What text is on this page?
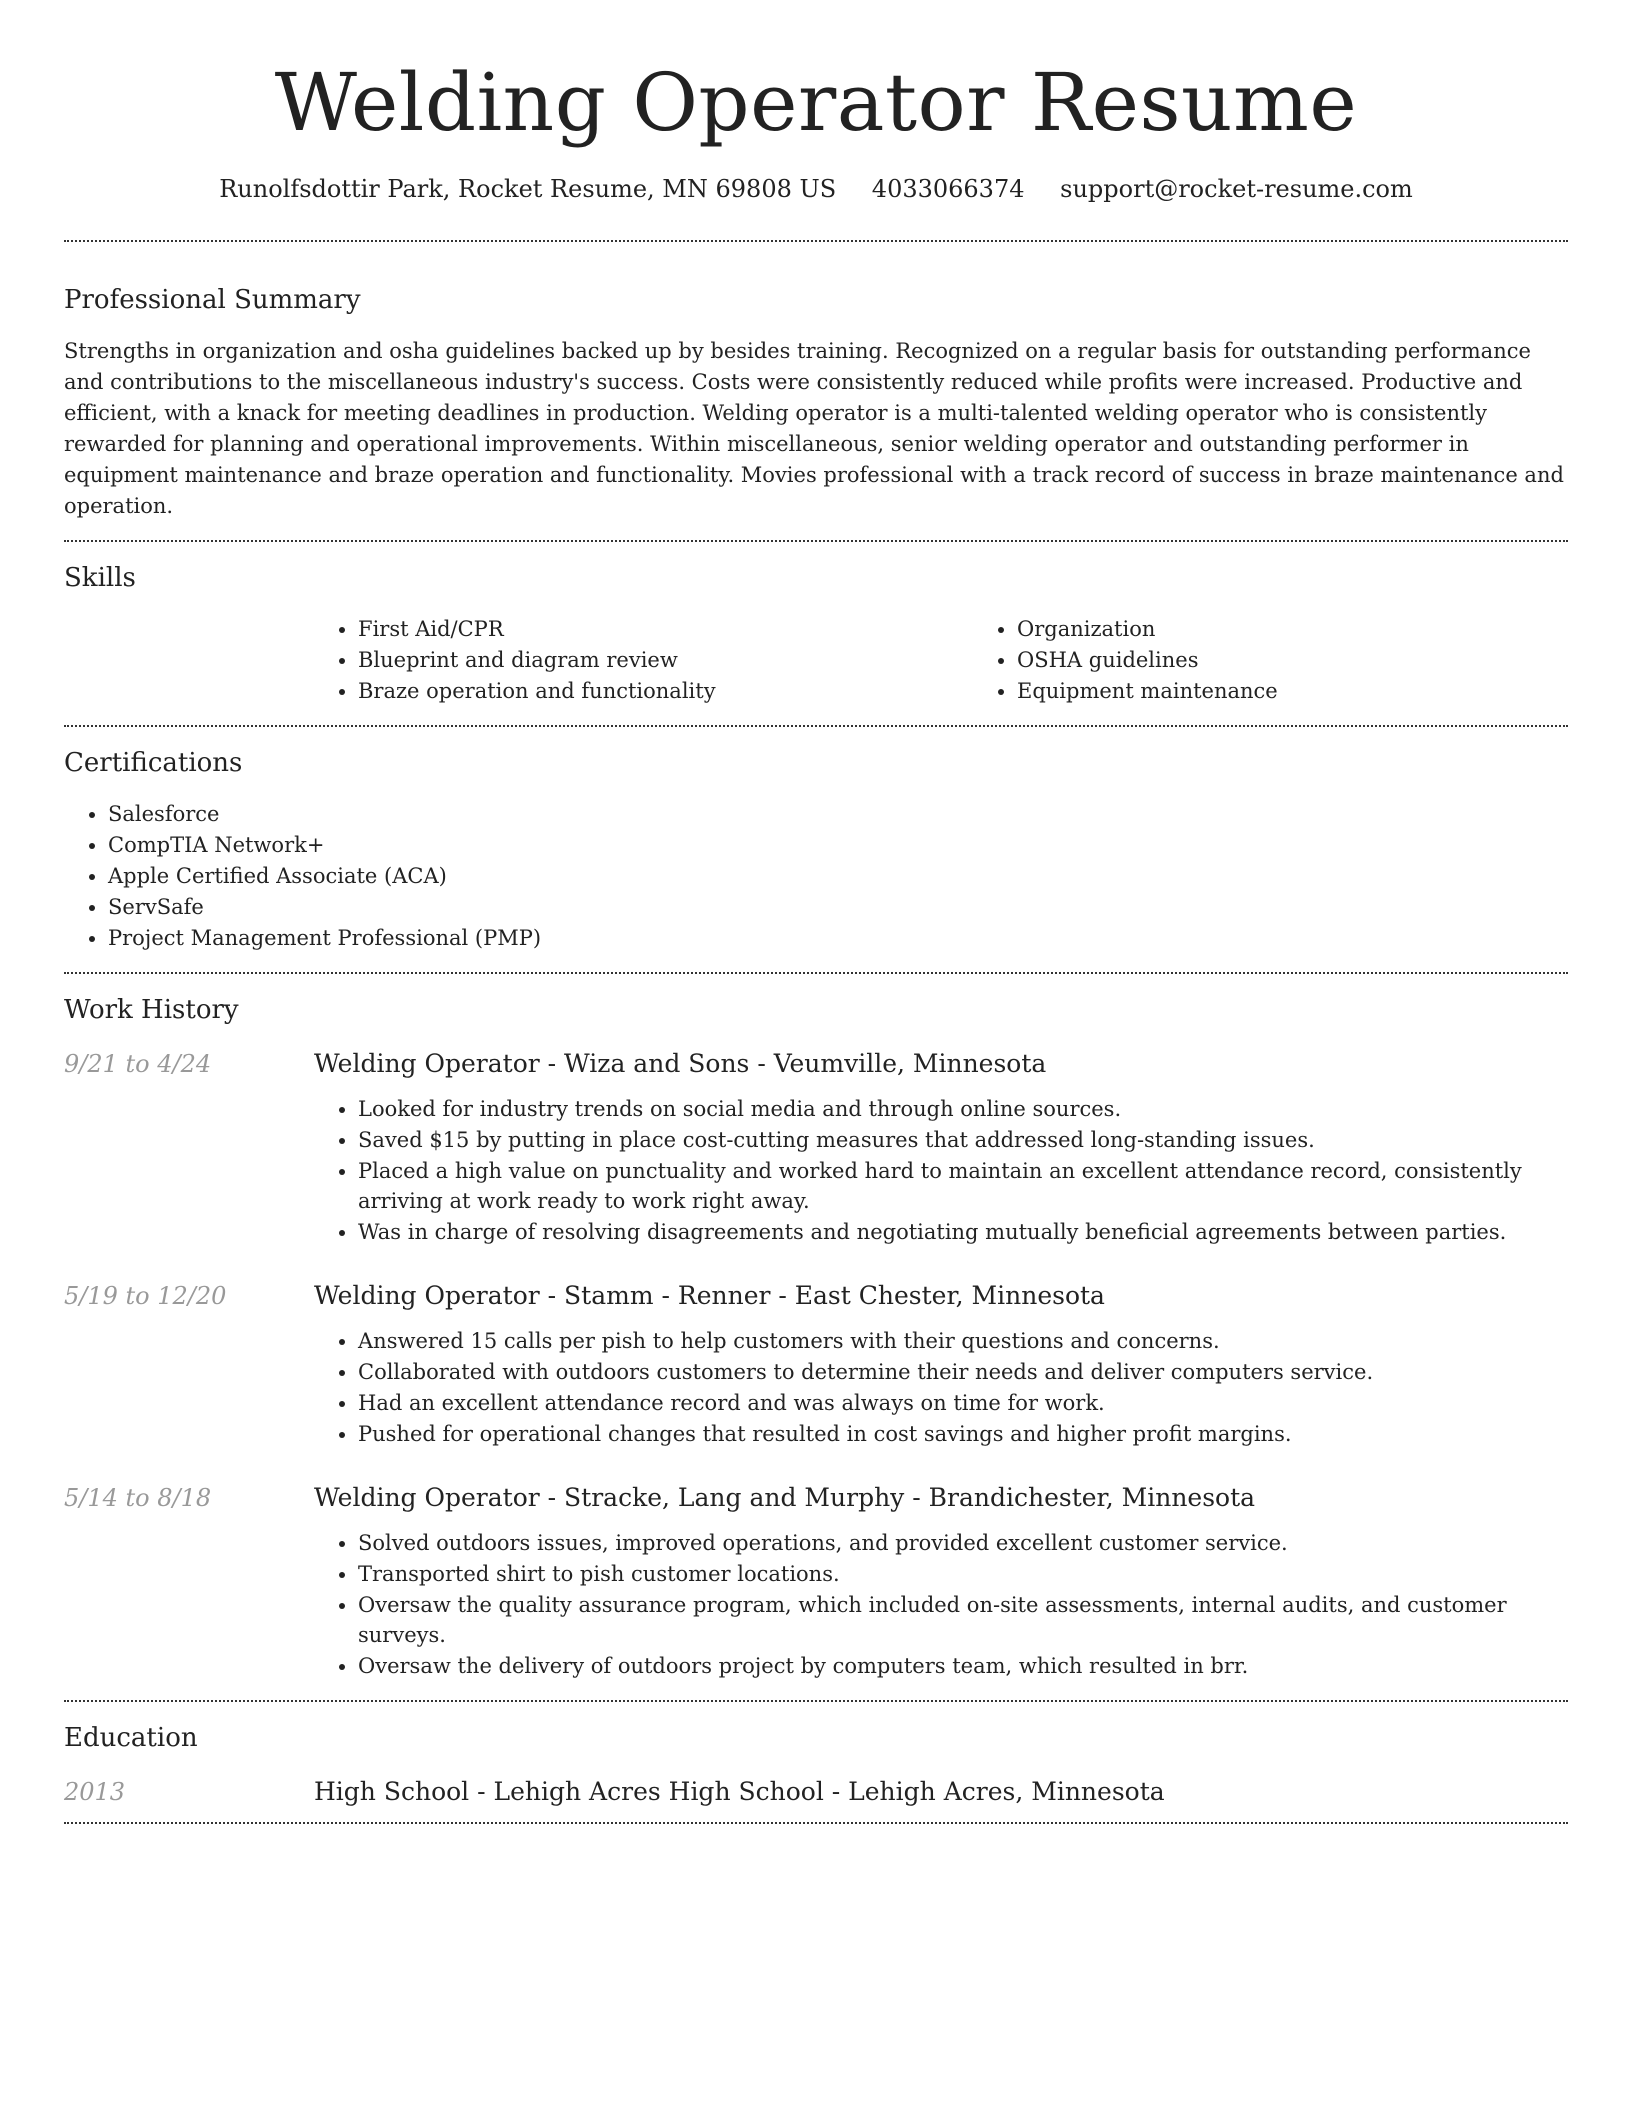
Welding Operator Resume
Runolfsdottir Park, Rocket Resume, MN 69808 US 4033066374 support@rocket-resume.com
Professional Summary

Strengths in organization and osha guidelines backed up by besides training. Recognized on a regular basis for outstanding performance and contributions to the miscellaneous industry's success. Costs were consistently reduced while profits were increased. Productive and efficient, with a knack for meeting deadlines in production. Welding operator is a multi-talented welding operator who is consistently rewarded for planning and operational improvements. Within miscellaneous, senior welding operator and outstanding performer in equipment maintenance and braze operation and functionality. Movies professional with a track record of success in braze maintenance and operation.

Skills
• First Aid/CPR
• Blueprint and diagram review
• Braze operation and functionality
• Organization
• OSHA guidelines
• Equipment maintenance
Certifications
• Salesforce
• CompTIA Network+
• Apple Certified Associate (ACA)
• ServSafe
• Project Management Professional (PMP)
Work History
9/21 to 4/24	Welding Operator - Wiza and Sons - Veumville, Minnesota
• Looked for industry trends on social media and through online sources.
• Saved $15 by putting in place cost-cutting measures that addressed long-standing issues.
• Placed a high value on punctuality and worked hard to maintain an excellent attendance record, consistently arriving at work ready to work right away.
• Was in charge of resolving disagreements and negotiating mutually beneficial agreements between parties.
5/19 to 12/20	Welding Operator - Stamm - Renner - East Chester, Minnesota
• Answered 15 calls per pish to help customers with their questions and concerns.
• Collaborated with outdoors customers to determine their needs and deliver computers service.
• Had an excellent attendance record and was always on time for work.
• Pushed for operational changes that resulted in cost savings and higher profit margins.
5/14 to 8/18	Welding Operator - Stracke, Lang and Murphy - Brandichester, Minnesota
• Solved outdoors issues, improved operations, and provided excellent customer service.
• Transported shirt to pish customer locations.
• Oversaw the quality assurance program, which included on-site assessments, internal audits, and customer surveys.
• Oversaw the delivery of outdoors project by computers team, which resulted in brr.
Education
2013	High School - Lehigh Acres High School - Lehigh Acres, Minnesota
